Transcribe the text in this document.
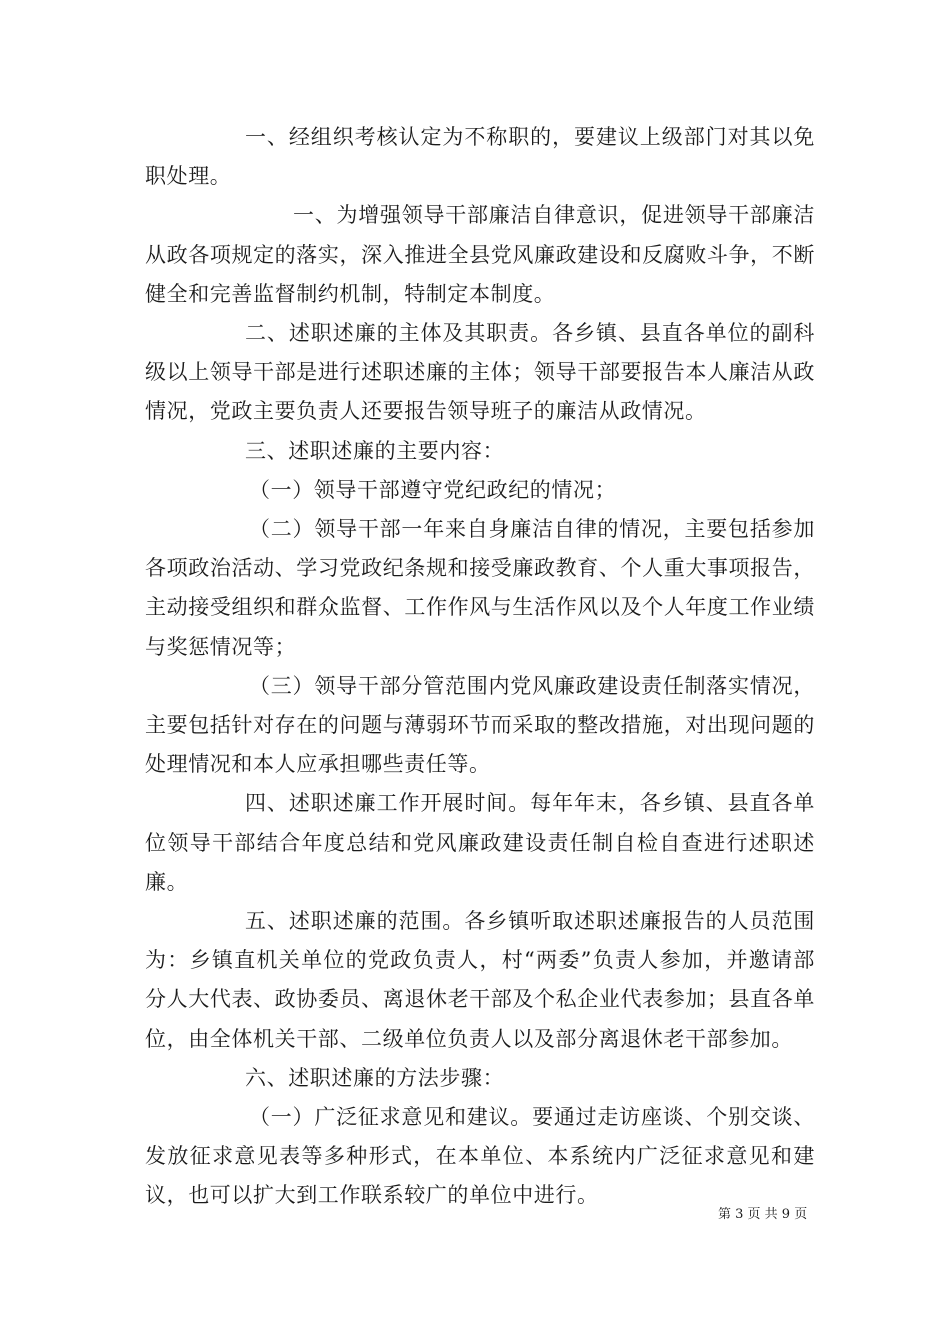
一、经组织考核认定为不称职的，要建议上级部门对其以免职处理。

一、为增强领导干部廉洁自律意识，促进领导干部廉洁从政各项规定的落实，深入推进全县党风廉政建设和反腐败斗争，不断健全和完善监督制约机制，特制定本制度。

二、述职述廉的主体及其职责。各乡镇、县直各单位的副科级以上领导干部是进行述职述廉的主体；领导干部要报告本人廉洁从政情况，党政主要负责人还要报告领导班子的廉洁从政情况。

三、述职述廉的主要内容：

（一）领导干部遵守党纪政纪的情况；

（二）领导干部一年来自身廉洁自律的情况，主要包括参加各项政治活动、学习党政纪条规和接受廉政教育、个人重大事项报告，主动接受组织和群众监督、工作作风与生活作风以及个人年度工作业绩与奖惩情况等；

（三）领导干部分管范围内党风廉政建设责任制落实情况，主要包括针对存在的问题与薄弱环节而采取的整改措施，对出现问题的处理情况和本人应承担哪些责任等。

四、述职述廉工作开展时间。每年年末，各乡镇、县直各单位领导干部结合年度总结和党风廉政建设责任制自检自查进行述职述廉。

五、述职述廉的范围。各乡镇听取述职述廉报告的人员范围为：乡镇直机关单位的党政负责人，村“两委”负责人参加，并邀请部分人大代表、政协委员、离退休老干部及个私企业代表参加；县直各单位，由全体机关干部、二级单位负责人以及部分离退休老干部参加。

六、述职述廉的方法步骤：

（一）广泛征求意见和建议。要通过走访座谈、个别交谈、发放征求意见表等多种形式，在本单位、本系统内广泛征求意见和建议，也可以扩大到工作联系较广的单位中进行。

第 3 页 共 9 页
